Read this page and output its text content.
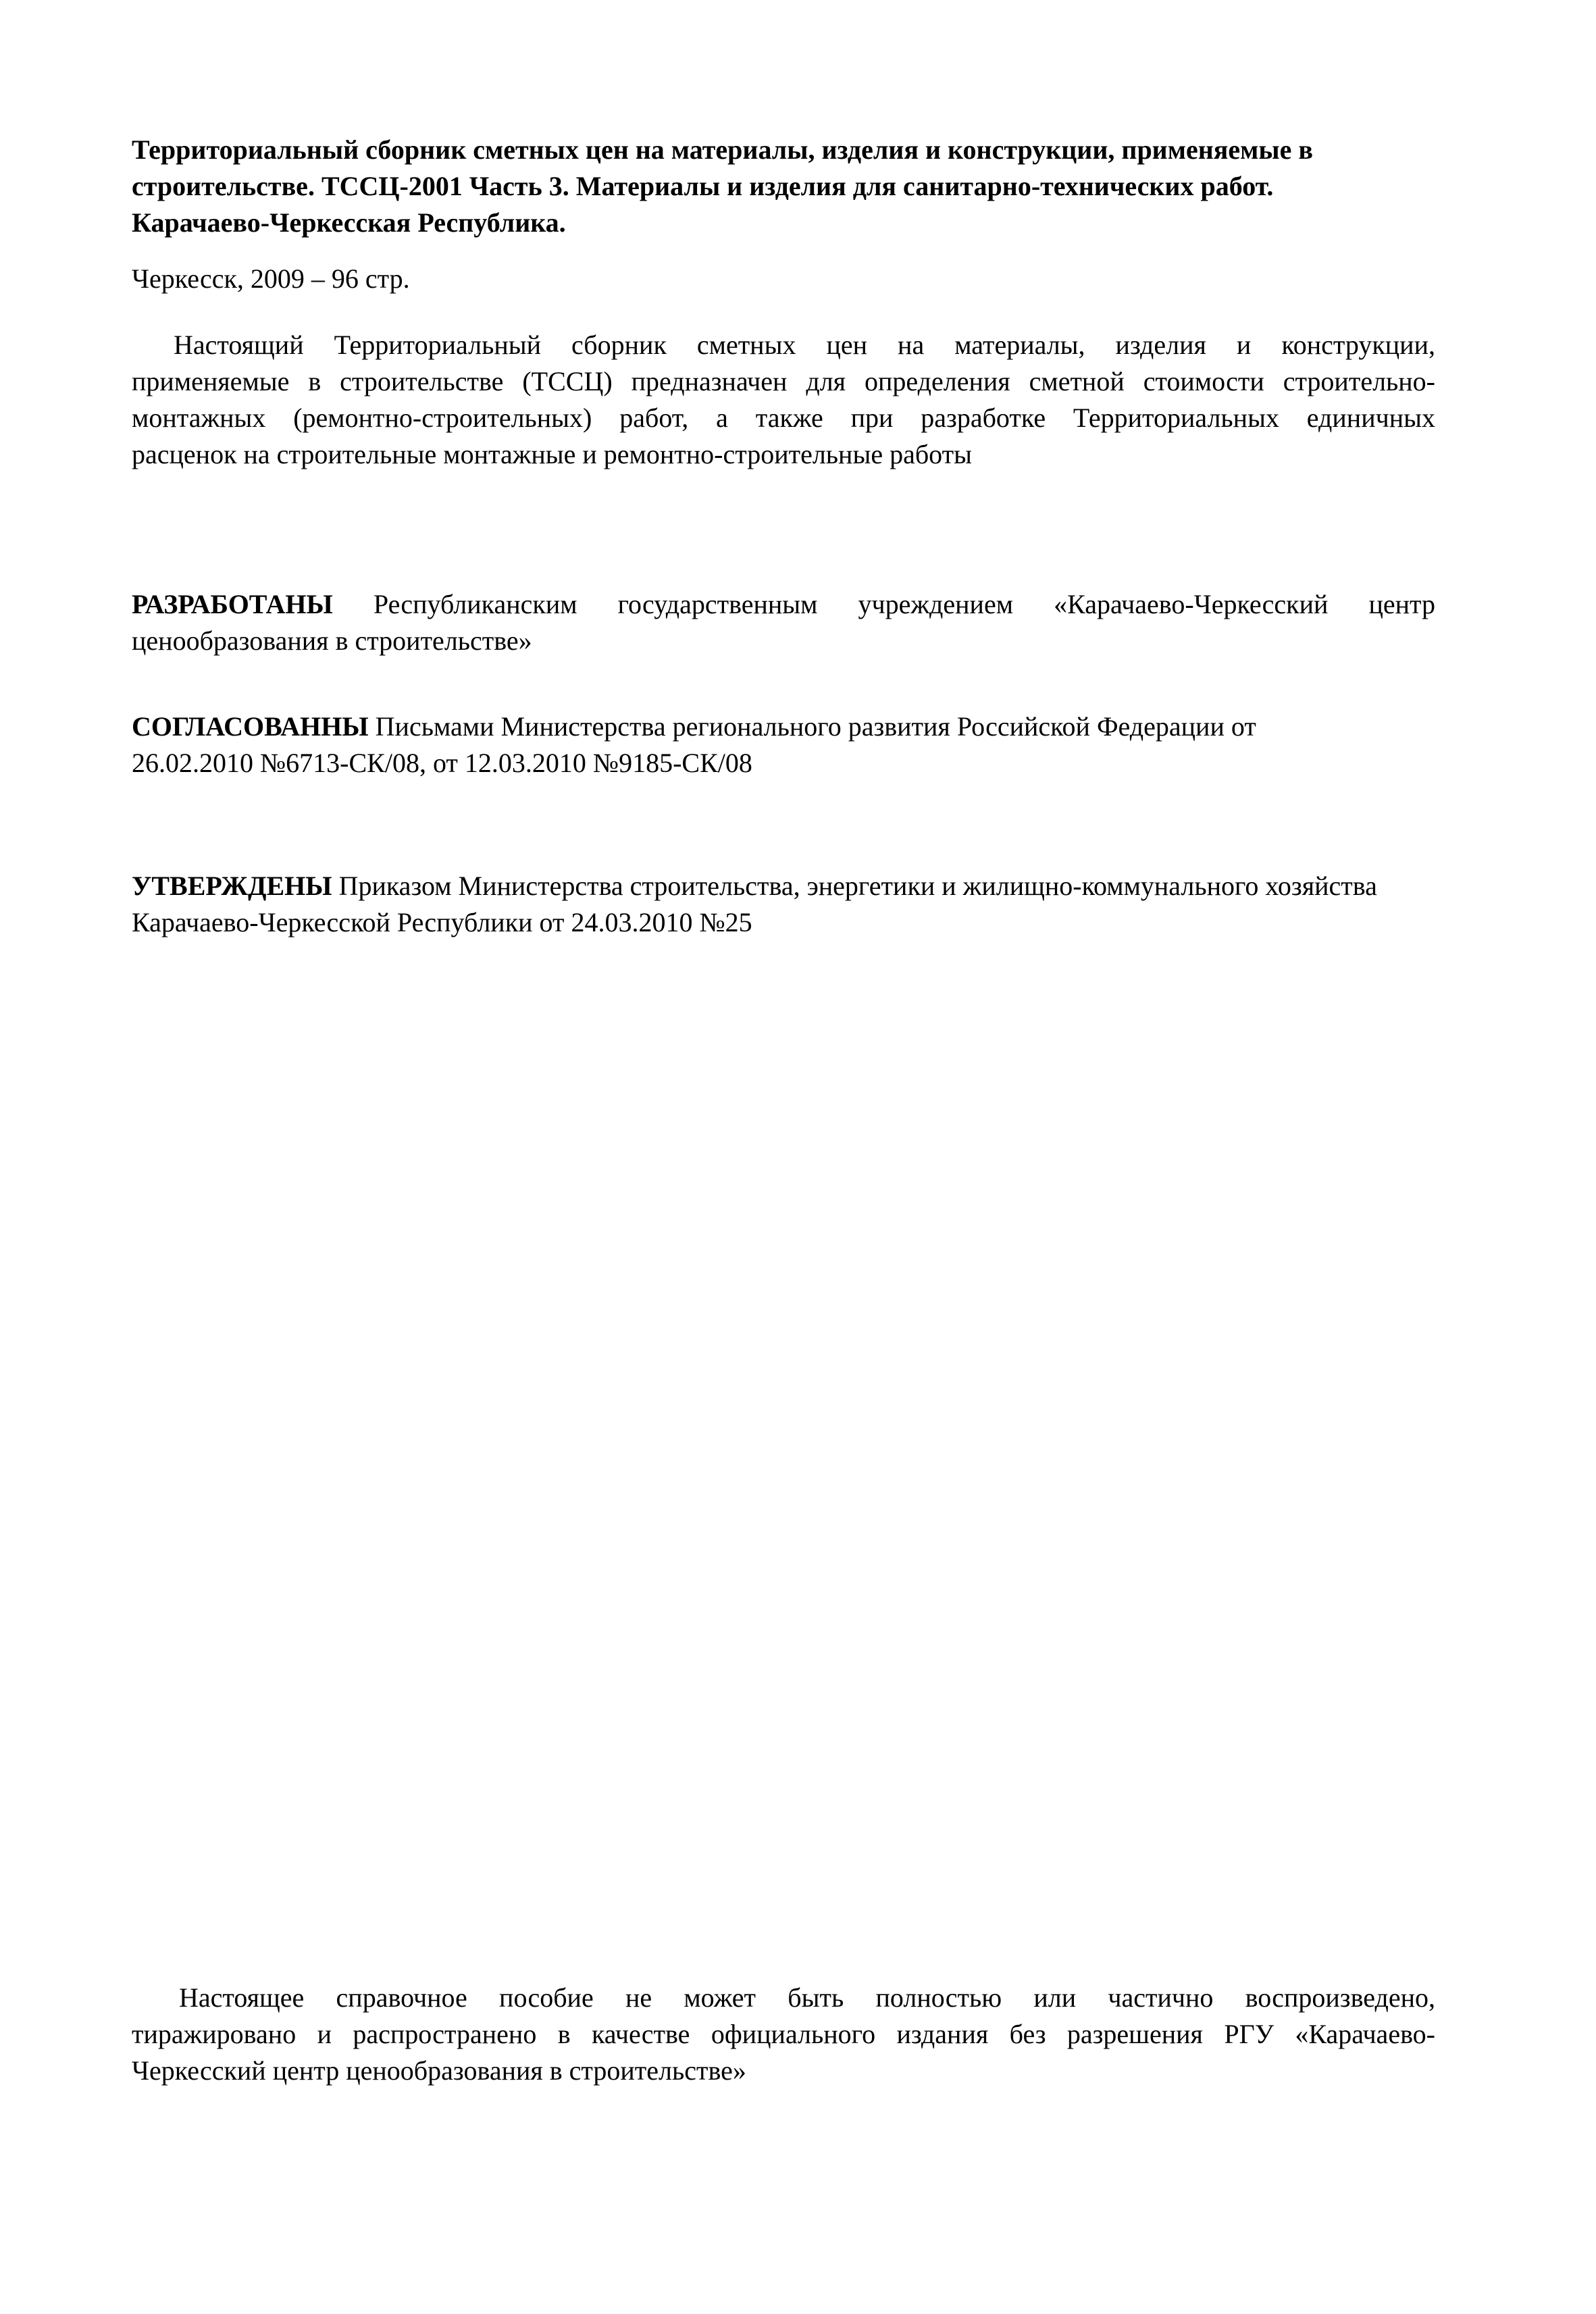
Территориальный сборник сметных цен на материалы, изделия и конструкции, применяемые в
строительстве. ТССЦ-2001 Часть 3. Материалы и изделия для санитарно-технических работ.
Карачаево-Черкесская Республика.
Черкесск, 2009 – 96 стр.
Настоящий Территориальный сборник сметных цен на материалы, изделия и конструкции,
применяемые в строительстве (ТССЦ) предназначен для определения сметной стоимости строительно-
монтажных (ремонтно-строительных) работ, а также при разработке Территориальных единичных
расценок на строительные монтажные и ремонтно-строительные работы
РАЗРАБОТАНЫ Республиканским государственным учреждением «Карачаево-Черкесский центр
ценообразования в строительстве»
СОГЛАСОВАННЫ Письмами Министерства регионального развития Российской Федерации от
26.02.2010 №6713-СК/08, от 12.03.2010 №9185-СК/08
УТВЕРЖДЕНЫ Приказом Министерства строительства, энергетики и жилищно-коммунального хозяйства
Карачаево-Черкесской Республики от 24.03.2010 №25
Настоящее справочное пособие не может быть полностью или частично воспроизведено,
тиражировано и распространено в качестве официального издания без разрешения РГУ «Карачаево-
Черкесский центр ценообразования в строительстве»
